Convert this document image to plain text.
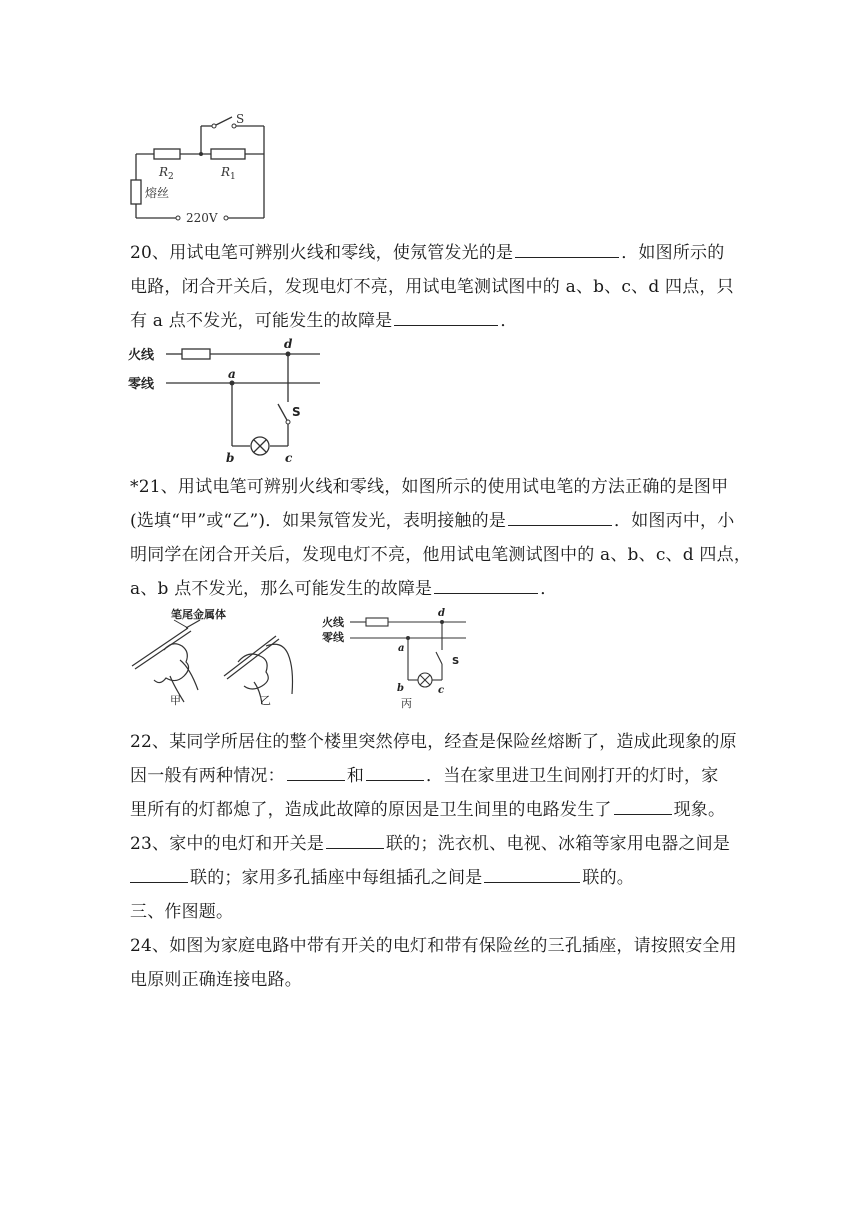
S
$R_2$	$R_1$
熔丝
220V
20、用试电笔可辨别火线和零线，使氖管发光的是	．如图所示的
电路，闭合开关后，发现电灯不亮，用试电笔测试图中的 a、b、c、d 四点，只
有 a 点不发光，可能发生的故障是	．
火线
零线
a
b	c
d
S
*21、用试电笔可辨别火线和零线，如图所示的使用试电笔的方法正确的是图甲
(选填“甲”或“乙”)．如果氖管发光，表明接触的是	．如图丙中，小
明同学在闭合开关后，发现电灯不亮，他用试电笔测试图中的 a、b、c、d 四点，
a、b 点不发光，那么可能发生的故障是	．
笔尾金属体
甲	乙
火线
零线
a
b	c
d
S
丙
22、某同学所居住的整个楼里突然停电，经查是保险丝熔断了，造成此现象的原
因一般有两种情况：	和	．当在家里进卫生间刚打开的灯时，家
里所有的灯都熄了，造成此故障的原因是卫生间里的电路发生了	现象。
23、家中的电灯和开关是	联的；洗衣机、电视、冰箱等家用电器之间是
联的；家用多孔插座中每组插孔之间是	联的。
三、作图题。
24、如图为家庭电路中带有开关的电灯和带有保险丝的三孔插座，请按照安全用
电原则正确连接电路。
